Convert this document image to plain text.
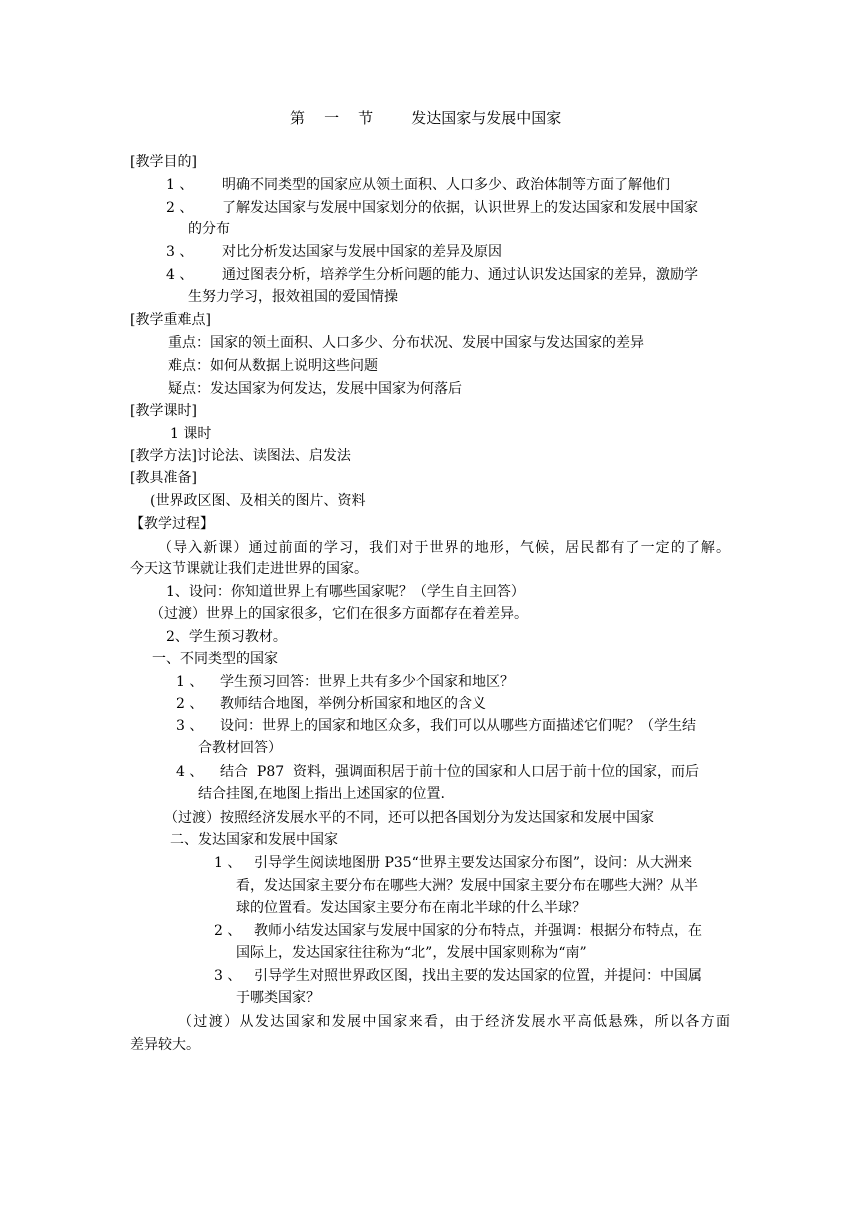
第    一    节        发达国家与发展中国家
[教学目的]
1 、 明确不同类型的国家应从领土面积、人口多少、政治体制等方面了解他们
2 、 了解发达国家与发展中国家划分的依据，认识世界上的发达国家和发展中国家
的分布
3 、 对比分析发达国家与发展中国家的差异及原因
4 、 通过图表分析，培养学生分析问题的能力、通过认识发达国家的差异，激励学
生努力学习，报效祖国的爱国情操
[教学重难点]
重点：国家的领土面积、人口多少、分布状况、发展中国家与发达国家的差异
难点：如何从数据上说明这些问题
疑点：发达国家为何发达，发展中国家为何落后
[教学课时]
1 课时
[教学方法]讨论法、读图法、启发法
[教具准备]
(世界政区图、及相关的图片、资料
【教学过程】
（导入新课）通过前面的学习，我们对于世界的地形，气候，居民都有了一定的了解。
今天这节课就让我们走进世界的国家。
1、设问：你知道世界上有哪些国家呢？（学生自主回答）
（过渡）世界上的国家很多，它们在很多方面都存在着差异。
2、学生预习教材。
一、不同类型的国家
1 、 学生预习回答：世界上共有多少个国家和地区？
2 、 教师结合地图，举例分析国家和地区的含义
3 、 设问：世界上的国家和地区众多，我们可以从哪些方面描述它们呢？（学生结
合教材回答）
4 、 结合  P87  资料，强调面积居于前十位的国家和人口居于前十位的国家，而后
结合挂图,在地图上指出上述国家的位置.
（过渡）按照经济发展水平的不同，还可以把各国划分为发达国家和发展中国家
二、发达国家和发展中国家
1 、 引导学生阅读地图册 P35“世界主要发达国家分布图”，设问：从大洲来
看，发达国家主要分布在哪些大洲？发展中国家主要分布在哪些大洲？从半
球的位置看。发达国家主要分布在南北半球的什么半球？
2 、 教师小结发达国家与发展中国家的分布特点，并强调：根据分布特点，在
国际上，发达国家往往称为“北”，发展中国家则称为“南”
3 、 引导学生对照世界政区图，找出主要的发达国家的位置，并提问：中国属
于哪类国家？
（过渡）从发达国家和发展中国家来看，由于经济发展水平高低悬殊，所以各方面
差异较大。
